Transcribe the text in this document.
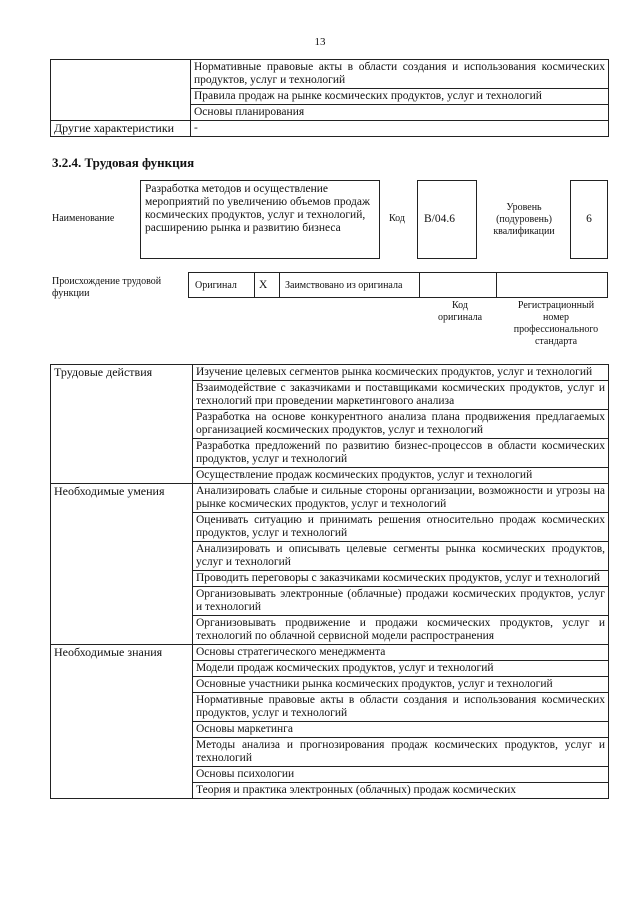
13
	Нормативные правовые акты в области создания и использования космических продуктов, услуг и технологий
	Правила продаж на рынке космических продуктов, услуг и технологий
	Основы планирования
Другие характеристики	-
3.2.4. Трудовая функция
Наименование
Разработка методов и осуществление мероприятий по увеличению объемов продаж космических продуктов, услуг и технологий, расширению рынка и развитию бизнеса
Код	B/04.6
Уровень (подуровень) квалификации
6
Происхождение трудовой функции
Оригинал X Заимствовано из оригинала
Код оригинала
Регистрационный номер профессионального стандарта
Трудовые действия	Изучение целевых сегментов рынка космических продуктов, услуг и технологий
	Взаимодействие с заказчиками и поставщиками космических продуктов, услуг и технологий при проведении маркетингового анализа
	Разработка на основе конкурентного анализа плана продвижения предлагаемых организацией космических продуктов, услуг и технологий
	Разработка предложений по развитию бизнес-процессов в области космических продуктов, услуг и технологий
	Осуществление продаж космических продуктов, услуг и технологий
Необходимые умения	Анализировать слабые и сильные стороны организации, возможности и угрозы на рынке космических продуктов, услуг и технологий
	Оценивать ситуацию и принимать решения относительно продаж космических продуктов, услуг и технологий
	Анализировать и описывать целевые сегменты рынка космических продуктов, услуг и технологий
	Проводить переговоры с заказчиками космических продуктов, услуг и технологий
	Организовывать электронные (облачные) продажи космических продуктов, услуг и технологий
	Организовывать продвижение и продажи космических продуктов, услуг и технологий по облачной сервисной модели распространения
Необходимые знания	Основы стратегического менеджмента
	Модели продаж космических продуктов, услуг и технологий
	Основные участники рынка космических продуктов, услуг и технологий
	Нормативные правовые акты в области создания и использования космических продуктов, услуг и технологий
	Основы маркетинга
	Методы анализа и прогнозирования продаж космических продуктов, услуг и технологий
	Основы психологии
	Теория и практика электронных (облачных) продаж космических
